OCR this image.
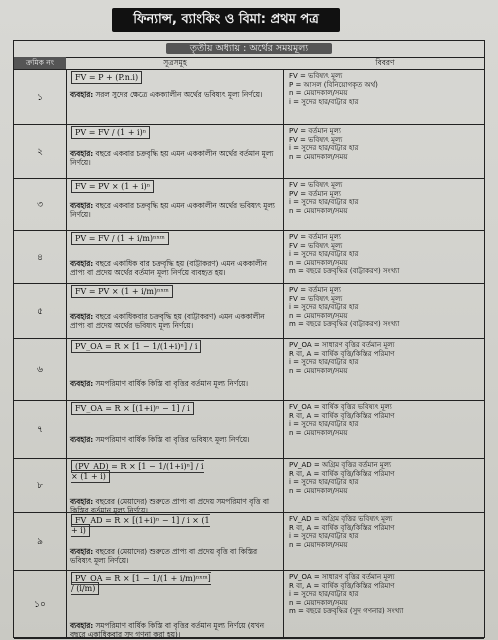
ফিন্যান্স, ব্যাংকিং ও বিমা: প্রথম পত্র
তৃতীয় অধ্যায় : অর্থের সময়মূল্য
ক্রমিক নং	সূত্রসমূহ	বিবরণ
১
FV = P + (P.n.i)
ব্যবহার: সরল সুদের ক্ষেত্রে একক্যালীন অর্থের ভবিষ্যৎ মূল্য নির্ণয়ে।
FV = ভবিষ্যৎ মূল্য
P = আসল (বিনিয়োগকৃত অর্থ)
n = মেয়াদকাল/সময়
i = সুদের হার/বাট্টার হার
২
PV = FV / (1 + i)ⁿ
ব্যবহার: বছরে একবার চক্রবৃদ্ধি হয় এমন এককালীন অর্থের বর্তমান মূল্য নির্ণয়ে।
PV = বর্তমান মূল্য
FV = ভবিষ্যৎ মূল্য
i = সুদের হার/বাট্টার হার
n = মেয়াদকাল/সময়
৩
FV = PV × (1 + i)ⁿ
ব্যবহার: বছরে একবার চক্রবৃদ্ধি হয় এমন এককালীন অর্থের ভবিষ্যৎ মূল্য নির্ণয়ে।
FV = ভবিষ্যৎ মূল্য
PV = বর্তমান মূল্য
i = সুদের হার/বাট্টার হার
n = মেয়াদকাল/সময়
৪
PV = FV / (1 + i/m)ⁿˣᵐ
ব্যবহার: বছরে একাধিক বার চক্রবৃদ্ধি হয় (বাট্টাকরণ) এমন এককালীন প্রাপ্য বা প্রদেয় অর্থের বর্তমান মূল্য নির্ণয়ে ব্যবহৃত হয়।
PV = বর্তমান মূল্য
FV = ভবিষ্যৎ মূল্য
i = সুদের হার/বাট্টার হার
n = মেয়াদকাল/সময়
m = বছরে চক্রবৃদ্ধির (বাট্টাকরণ) সংখ্যা
৫
FV = PV × (1 + i/m)ⁿˣᵐ
ব্যবহার: বছরে একাধিকবার চক্রবৃদ্ধি হয় (বাট্টাকরণ) এমন এককালীন প্রাপ্য বা প্রদেয় অর্থের ভবিষ্যৎ মূল্য নির্ণয়ে।
PV = বর্তমান মূল্য
FV = ভবিষ্যৎ মূল্য
i = সুদের হার/বাট্টার হার
n = মেয়াদকাল/সময়
m = বছরে চক্রবৃদ্ধির (বাট্টাকরণ) সংখ্যা
৬
PV_OA = R × [1 − 1/(1+i)ⁿ] / i
ব্যবহার: সমপরিমাণ বার্ষিক কিস্তি বা বৃত্তির বর্তমান মূল্য নির্ণয়ে।
PV_OA = সাধারণ বৃত্তির বর্তমান মূল্য
R বা, A = বার্ষিক বৃত্তি/কিস্তির পরিমাণ
i = সুদের হার/বাট্টার হার
n = মেয়াদকাল/সময়
৭
FV_OA = R × [(1+i)ⁿ − 1] / i
ব্যবহার: সমপরিমাণ বার্ষিক কিস্তি বা বৃত্তির ভবিষ্যৎ মূল্য নির্ণয়ে।
FV_OA = বার্ষিক বৃত্তির ভবিষ্যৎ মূল্য
R বা, A = বার্ষিক বৃত্তি/কিস্তির পরিমাণ
i = সুদের হার/বাট্টার হার
n = মেয়াদকাল/সময়
৮
(PV_AD) = R × [1 − 1/(1+i)ⁿ] / i × (1 + i)
ব্যবহার: বছরের (মেয়াদের) শুরুতে প্রাপ্য বা প্রদেয় সমপরিমাণ বৃত্তি বা কিস্তির বর্তমান মূল্য নির্ণয়ে।
PV_AD = অগ্রিম বৃত্তির বর্তমান মূল্য
R বা, A = বার্ষিক বৃত্তি/কিস্তির পরিমাণ
i = সুদের হার/বাট্টার হার
n = মেয়াদকাল/সময়
৯
FV_AD = R × [(1+i)ⁿ − 1] / i × (1 + i)
ব্যবহার: বছরের (মেয়াদের) শুরুতে প্রাপ্য বা প্রদেয় বৃত্তি বা কিস্তির ভবিষ্যৎ মূল্য নির্ণয়ে।
FV_AD = অগ্রিম বৃত্তির ভবিষ্যৎ মূল্য
R বা, A = বার্ষিক বৃত্তি/কিস্তির পরিমাণ
i = সুদের হার/বাট্টার হার
n = মেয়াদকাল/সময়
১০
PV_OA = R × [1 − 1/(1 + i/m)ⁿˣᵐ] / (i/m)
ব্যবহার: সমপরিমাণ বার্ষিক কিস্তি বা বৃত্তির বর্তমান মূল্য নির্ণয়ে (যখন বছরে একাধিকবার সুদ গণনা করা হয়)।
PV_OA = সাধারণ বৃত্তির বর্তমান মূল্য
R বা, A = বার্ষিক বৃত্তি/কিস্তির পরিমাণ
i = সুদের হার/বাট্টার হার
n = মেয়াদকাল/সময়
m = বছরে চক্রবৃদ্ধির (সুদ গণনার) সংখ্যা
